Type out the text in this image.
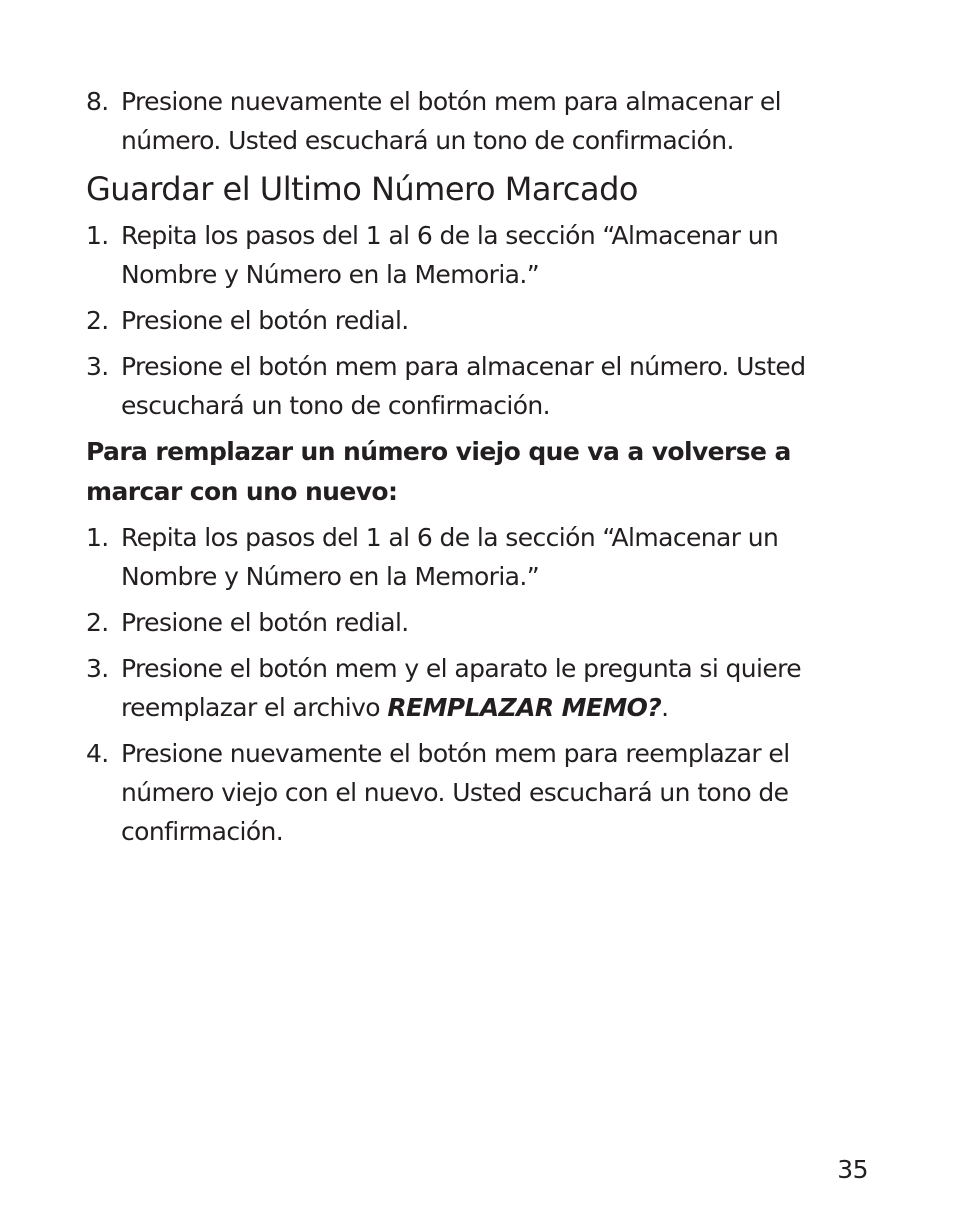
8. Presione nuevamente el botón mem para almacenar el número. Usted escuchará un tono de confirmación.
Guardar el Ultimo Número Marcado
1. Repita los pasos del 1 al 6 de la sección “Almacenar un Nombre y Número en la Memoria.”
2. Presione el botón redial.
3. Presione el botón mem para almacenar el número. Usted escuchará un tono de confirmación.
Para remplazar un número viejo que va a volverse a marcar con uno nuevo:
1. Repita los pasos del 1 al 6 de la sección “Almacenar un Nombre y Número en la Memoria.”
2. Presione el botón redial.
3. Presione el botón mem y el aparato le pregunta si quiere reemplazar el archivo REMPLAZAR MEMO?.
4. Presione nuevamente el botón mem para reemplazar el número viejo con el nuevo. Usted escuchará un tono de confirmación.
35
